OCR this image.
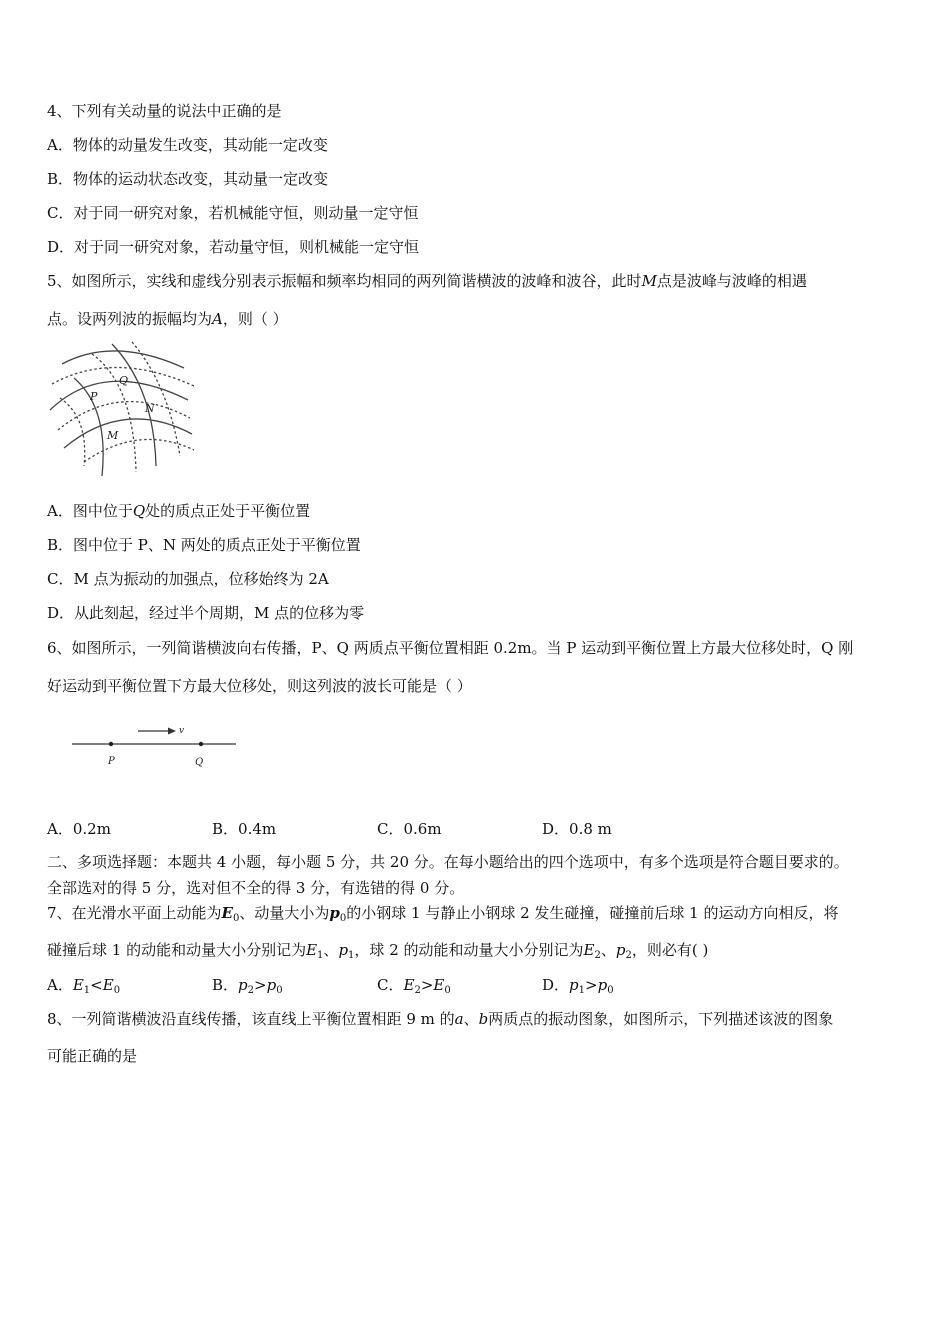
4、下列有关动量的说法中正确的是
A．物体的动量发生改变，其动能一定改变
B．物体的运动状态改变，其动量一定改变
C．对于同一研究对象，若机械能守恒，则动量一定守恒
D．对于同一研究对象，若动量守恒，则机械能一定守恒
5、如图所示，实线和虚线分别表示振幅和频率均相同的两列简谐横波的波峰和波谷，此时M点是波峰与波峰的相遇
点。设两列波的振幅均为A，则（ ）
Q
P
N
M
A．图中位于Q处的质点正处于平衡位置
B．图中位于 P、N 两处的质点正处于平衡位置
C．M 点为振动的加强点，位移始终为 2A
D．从此刻起，经过半个周期，M 点的位移为零
6、如图所示，一列简谐横波向右传播，P、Q 两质点平衡位置相距 0.2m。当 P 运动到平衡位置上方最大位移处时，Q 刚
好运动到平衡位置下方最大位移处，则这列波的波长可能是（ ）
v
P	Q
A．0.2m	B．0.4m	C．0.6m	D．0.8 m
二、多项选择题：本题共 4 小题，每小题 5 分，共 20 分。在每小题给出的四个选项中，有多个选项是符合题目要求的。
全部选对的得 5 分，选对但不全的得 3 分，有选错的得 0 分。
7、在光滑水平面上动能为$E_0$、动量大小为$p_0$的小钢球 1 与静止小钢球 2 发生碰撞，碰撞前后球 1 的运动方向相反，将
碰撞后球 1 的动能和动量大小分别记为$E_1$、$p_1$，球 2 的动能和动量大小分别记为$E_2$、$p_2$，则必有( )
A．$E_1<E_0$	B．$p_2>p_0$	C．$E_2>E_0$	D．$p_1>p_0$
8、一列简谐横波沿直线传播，该直线上平衡位置相距 9 m 的a、b两质点的振动图象，如图所示，下列描述该波的图象
可能正确的是
